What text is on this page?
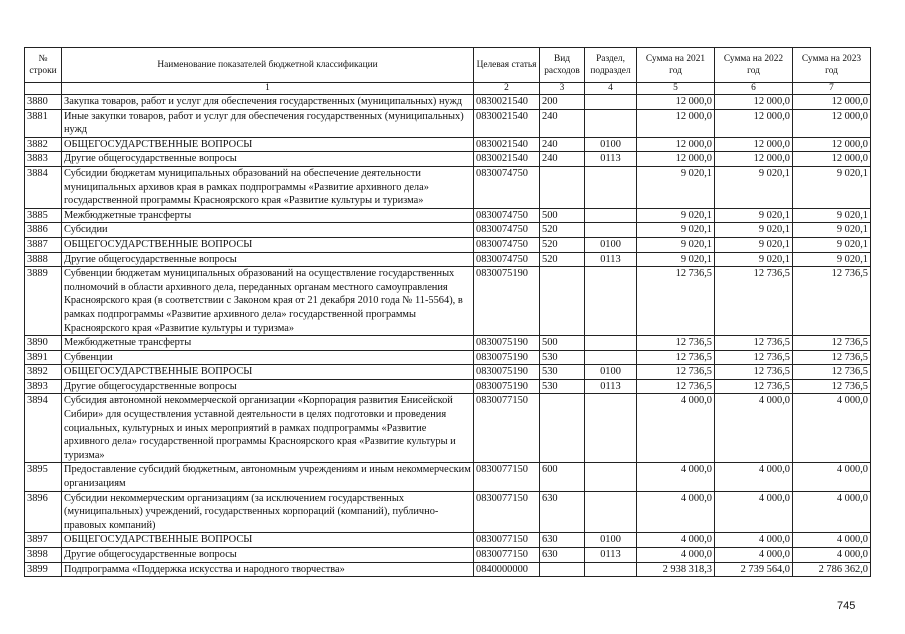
№
строки	Наименование показателей бюджетной классификации	Целевая статья	Вид расходов	Раздел, подраздел	Сумма на 2021 год	Сумма на 2022 год	Сумма на 2023 год
	1	2	3	4	5	6	7
3880	Закупка товаров, работ и услуг для обеспечения государственных (муниципальных) нужд	0830021540	200		12 000,0	12 000,0	12 000,0
3881	Иные закупки товаров, работ и услуг для обеспечения государственных (муниципальных) нужд	0830021540	240		12 000,0	12 000,0	12 000,0
3882	ОБЩЕГОСУДАРСТВЕННЫЕ ВОПРОСЫ	0830021540	240	0100	12 000,0	12 000,0	12 000,0
3883	Другие общегосударственные вопросы	0830021540	240	0113	12 000,0	12 000,0	12 000,0
3884	Субсидии бюджетам муниципальных образований на обеспечение деятельности муниципальных архивов края в рамках подпрограммы «Развитие архивного дела» государственной программы Красноярского края «Развитие культуры и туризма»	0830074750			9 020,1	9 020,1	9 020,1
3885	Межбюджетные трансферты	0830074750	500		9 020,1	9 020,1	9 020,1
3886	Субсидии	0830074750	520		9 020,1	9 020,1	9 020,1
3887	ОБЩЕГОСУДАРСТВЕННЫЕ ВОПРОСЫ	0830074750	520	0100	9 020,1	9 020,1	9 020,1
3888	Другие общегосударственные вопросы	0830074750	520	0113	9 020,1	9 020,1	9 020,1
3889	Субвенции бюджетам муниципальных образований на осуществление государственных полномочий в области архивного дела, переданных органам местного самоуправления Красноярского края (в соответствии с Законом края от 21 декабря 2010 года № 11-5564), в рамках подпрограммы «Развитие архивного дела» государственной программы Красноярского края «Развитие культуры и туризма»	0830075190			12 736,5	12 736,5	12 736,5
3890	Межбюджетные трансферты	0830075190	500		12 736,5	12 736,5	12 736,5
3891	Субвенции	0830075190	530		12 736,5	12 736,5	12 736,5
3892	ОБЩЕГОСУДАРСТВЕННЫЕ ВОПРОСЫ	0830075190	530	0100	12 736,5	12 736,5	12 736,5
3893	Другие общегосударственные вопросы	0830075190	530	0113	12 736,5	12 736,5	12 736,5
3894	Субсидия автономной некоммерческой организации «Корпорация развития Енисейской Сибири» для осуществления уставной деятельности в целях подготовки и проведения социальных, культурных и иных мероприятий в рамках подпрограммы «Развитие архивного дела» государственной программы Красноярского края «Развитие культуры и туризма»	0830077150			4 000,0	4 000,0	4 000,0
3895	Предоставление субсидий бюджетным, автономным учреждениям и иным некоммерческим организациям	0830077150	600		4 000,0	4 000,0	4 000,0
3896	Субсидии некоммерческим организациям (за исключением государственных (муниципальных) учреждений, государственных корпораций (компаний), публично-правовых компаний)	0830077150	630		4 000,0	4 000,0	4 000,0
3897	ОБЩЕГОСУДАРСТВЕННЫЕ ВОПРОСЫ	0830077150	630	0100	4 000,0	4 000,0	4 000,0
3898	Другие общегосударственные вопросы	0830077150	630	0113	4 000,0	4 000,0	4 000,0
3899	Подпрограмма «Поддержка искусства и народного творчества»	0840000000			2 938 318,3	2 739 564,0	2 786 362,0
745
